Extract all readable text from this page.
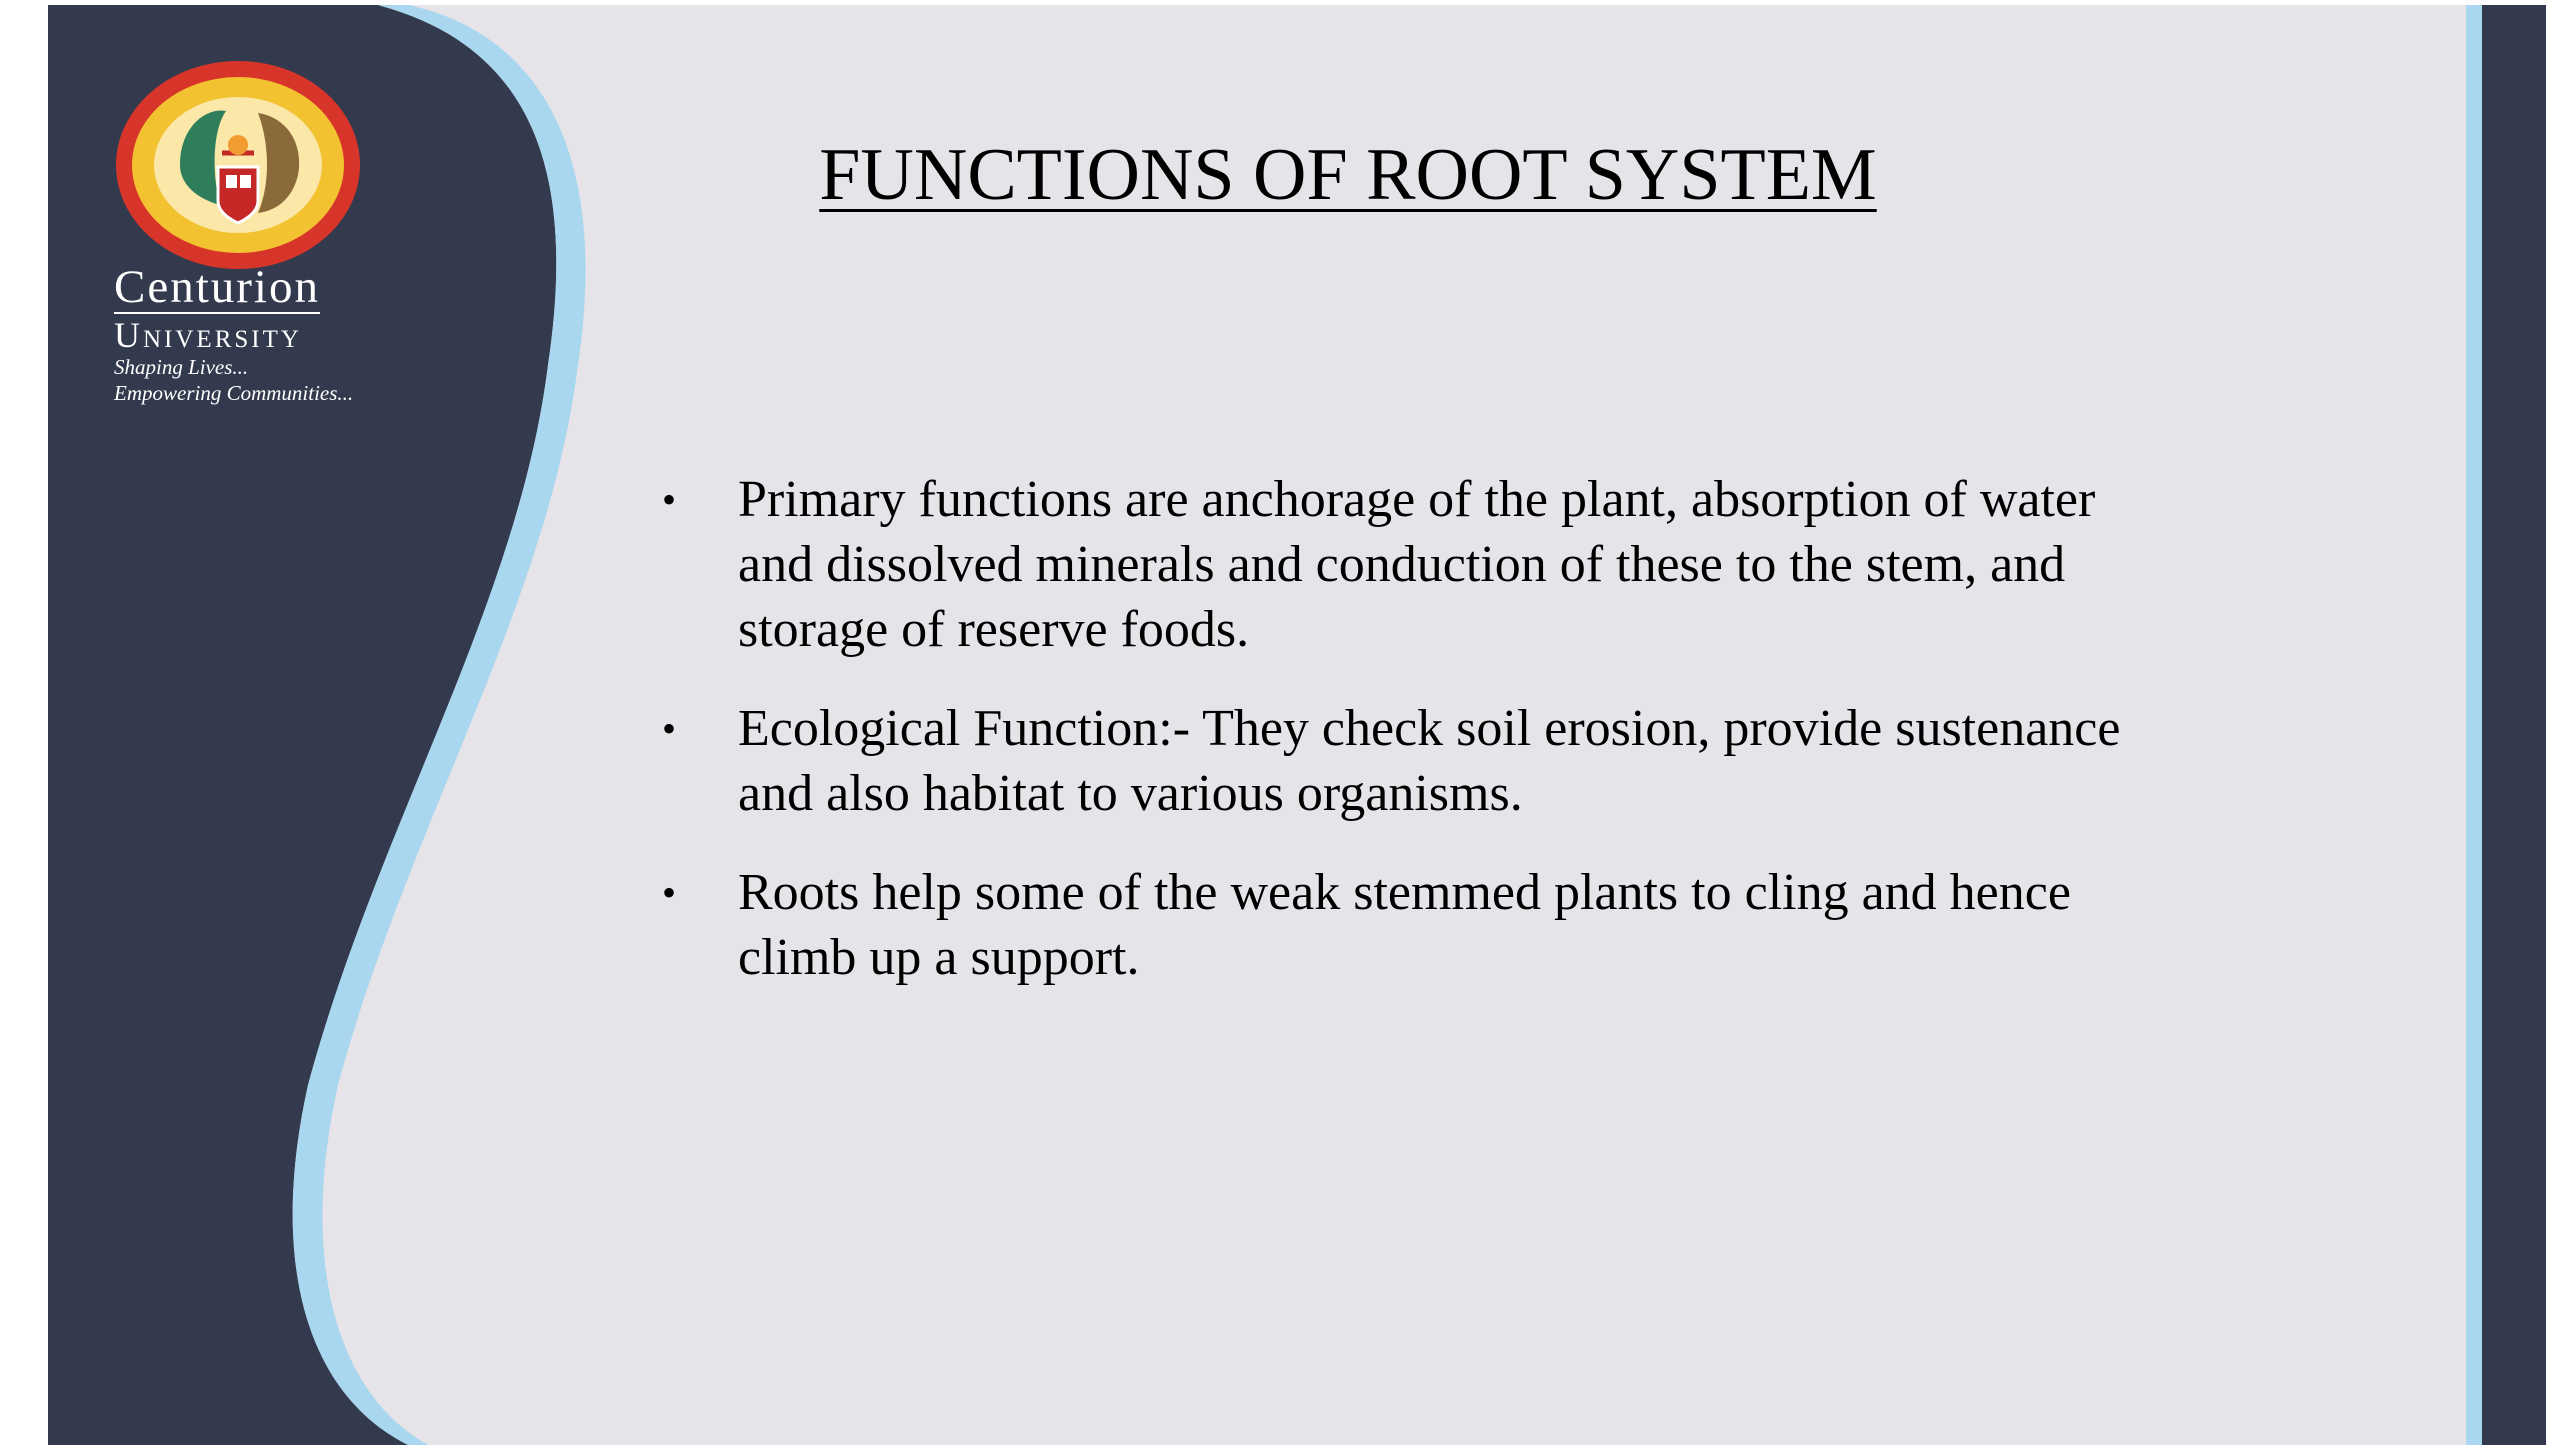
Centurion
University
Shaping Lives...
Empowering Communities...
FUNCTIONS OF ROOT SYSTEM
• Primary functions are anchorage of the plant, absorption of water and dissolved minerals and conduction of these to the stem, and storage of reserve foods.
• Ecological Function:- They check soil erosion, provide sustenance and also habitat to various organisms.
• Roots help some of the weak stemmed plants to cling and hence climb up a support.
